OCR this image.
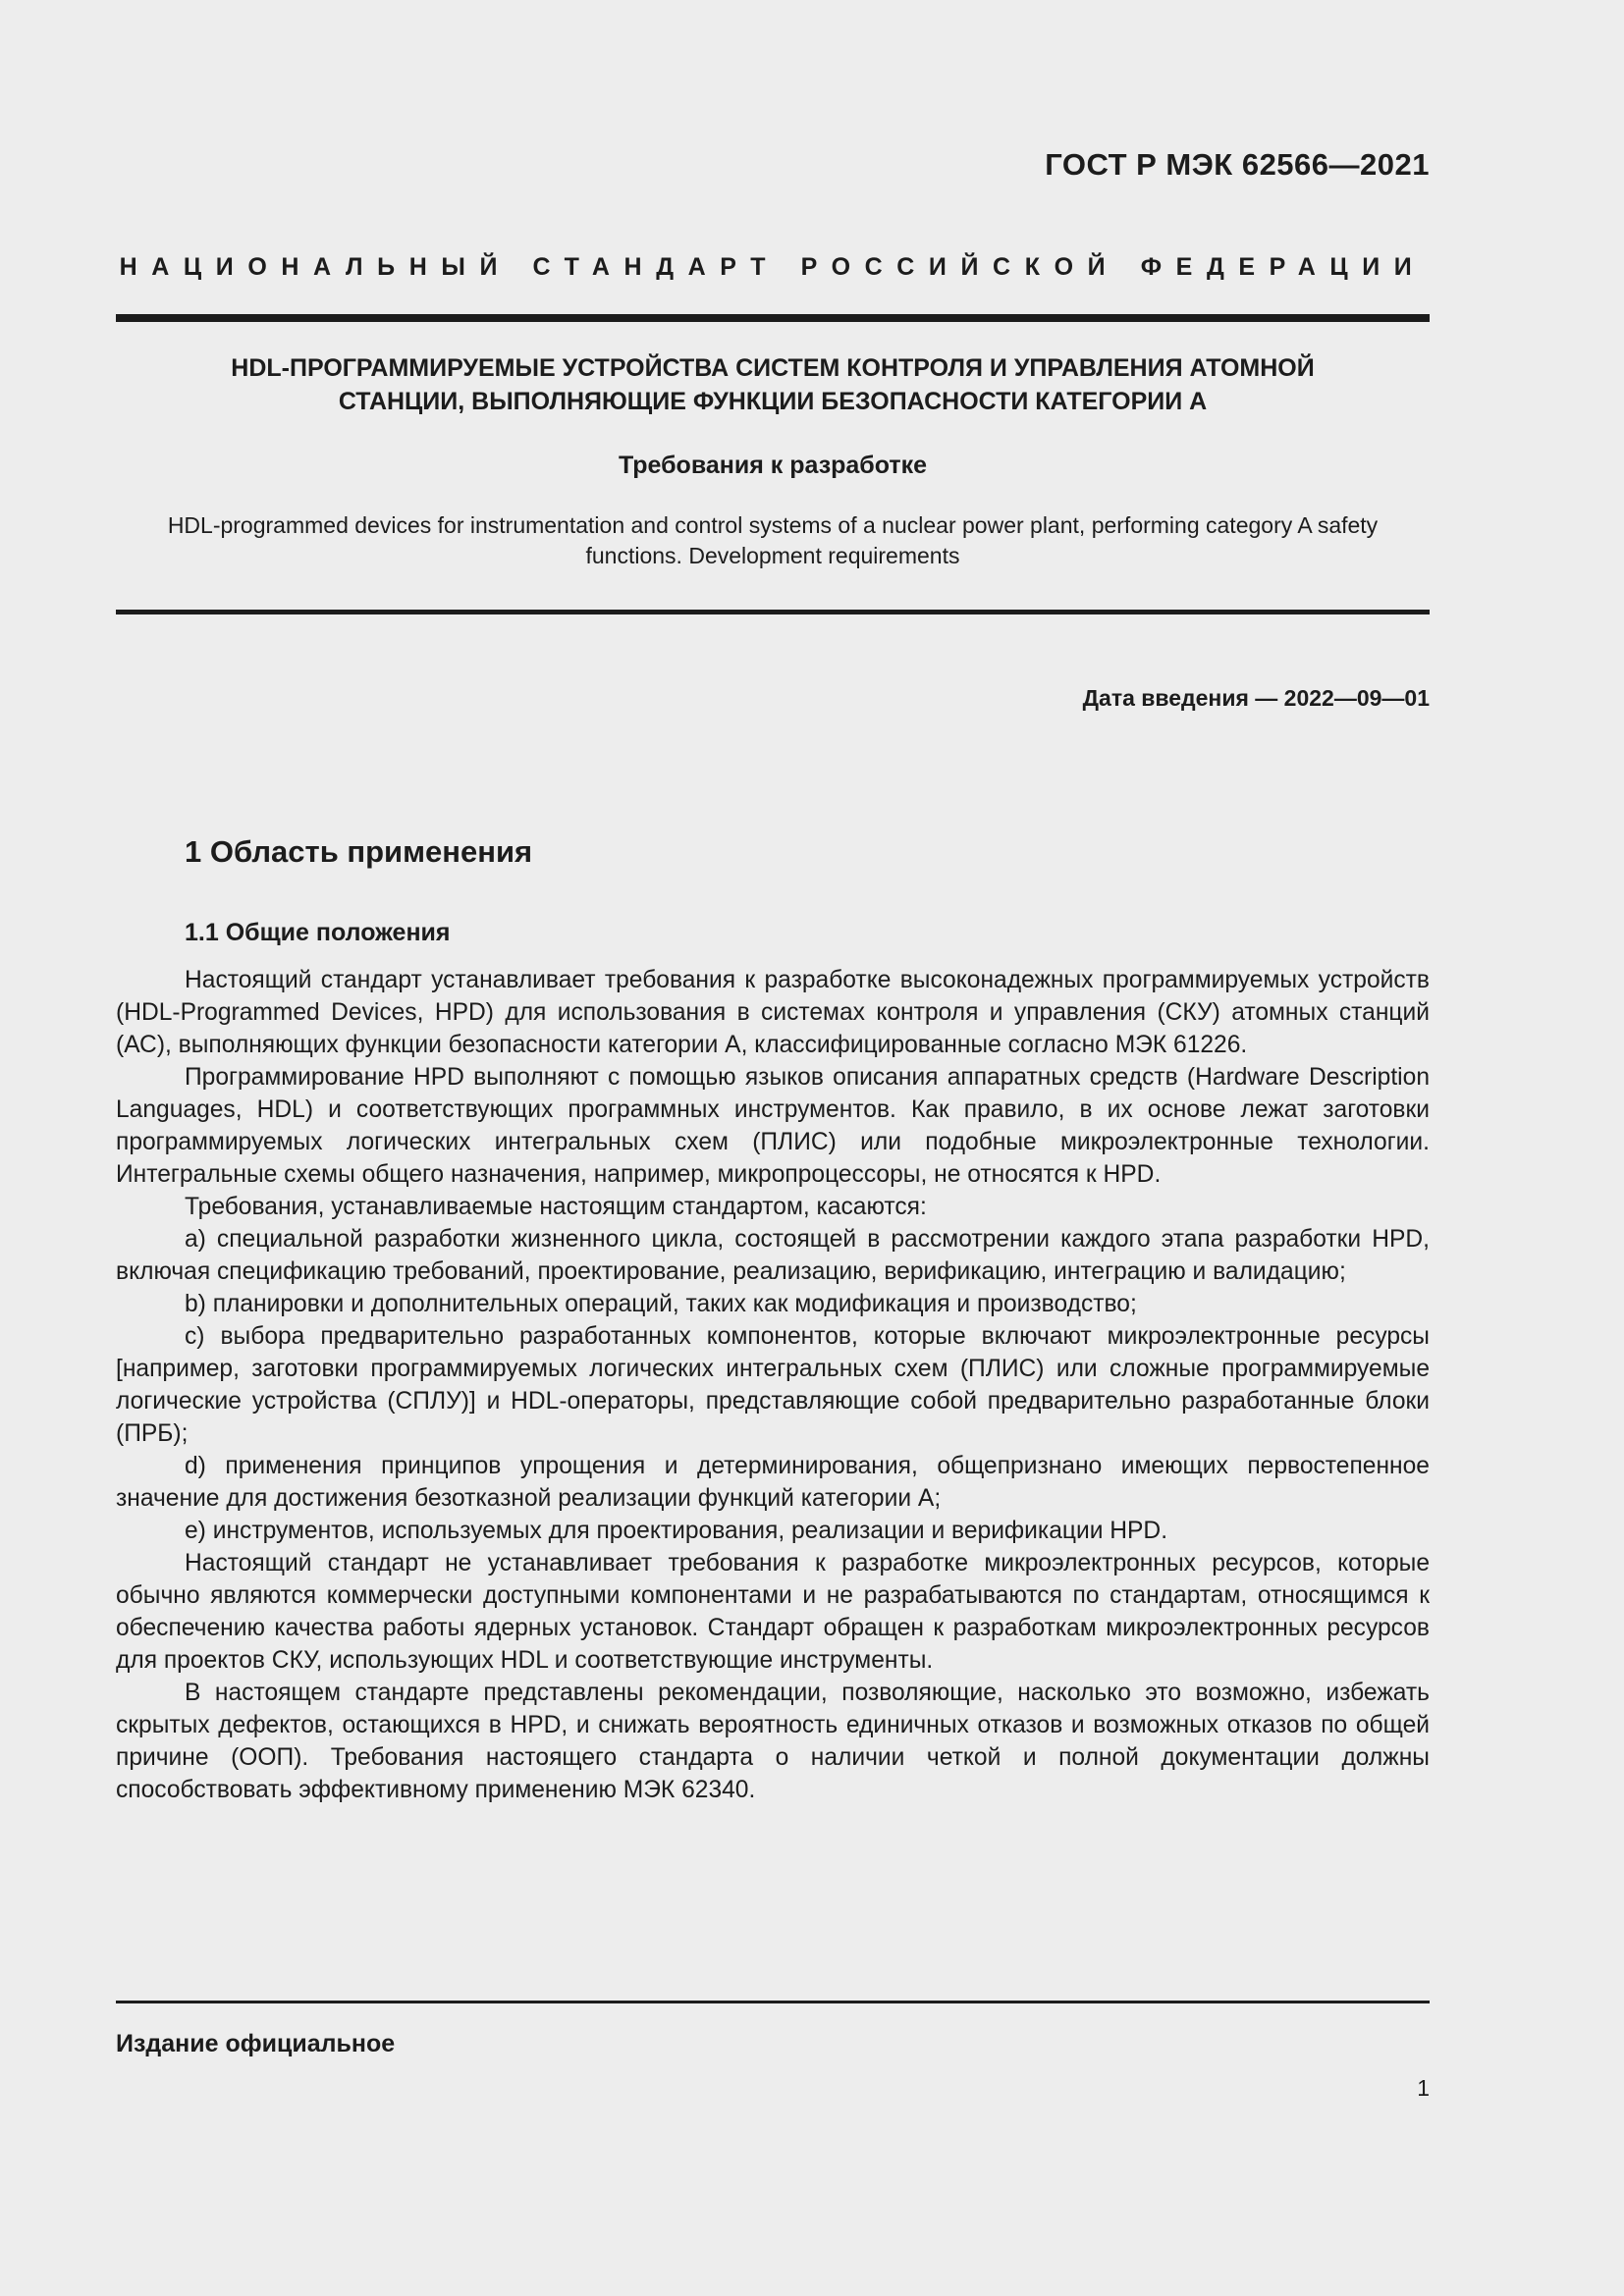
ГОСТ Р МЭК 62566—2021
НАЦИОНАЛЬНЫЙ СТАНДАРТ РОССИЙСКОЙ ФЕДЕРАЦИИ
HDL-ПРОГРАММИРУЕМЫЕ УСТРОЙСТВА СИСТЕМ КОНТРОЛЯ И УПРАВЛЕНИЯ АТОМНОЙ
СТАНЦИИ, ВЫПОЛНЯЮЩИЕ ФУНКЦИИ БЕЗОПАСНОСТИ КАТЕГОРИИ А
Требования к разработке
HDL-programmed devices for instrumentation and control systems of a nuclear power plant, performing category A safety functions. Development requirements
Дата введения — 2022—09—01
1 Область применения
1.1 Общие положения

Настоящий стандарт устанавливает требования к разработке высоконадежных программируемых устройств (HDL-Programmed Devices, HPD) для использования в системах контроля и управления (СКУ) атомных станций (АС), выполняющих функции безопасности категории А, классифицированные согласно МЭК 61226.

Программирование HPD выполняют с помощью языков описания аппаратных средств (Hardware Description Languages, HDL) и соответствующих программных инструментов. Как правило, в их основе лежат заготовки программируемых логических интегральных схем (ПЛИС) или подобные микроэлектронные технологии. Интегральные схемы общего назначения, например, микропроцессоры, не относятся к HPD.

Требования, устанавливаемые настоящим стандартом, касаются:

a) специальной разработки жизненного цикла, состоящей в рассмотрении каждого этапа разработки HPD, включая спецификацию требований, проектирование, реализацию, верификацию, интеграцию и валидацию;

b) планировки и дополнительных операций, таких как модификация и производство;

c) выбора предварительно разработанных компонентов, которые включают микроэлектронные ресурсы [например, заготовки программируемых логических интегральных схем (ПЛИС) или сложные программируемые логические устройства (СПЛУ)] и HDL-операторы, представляющие собой предварительно разработанные блоки (ПРБ);

d) применения принципов упрощения и детерминирования, общепризнано имеющих первостепенное значение для достижения безотказной реализации функций категории А;

e) инструментов, используемых для проектирования, реализации и верификации HPD.

Настоящий стандарт не устанавливает требования к разработке микроэлектронных ресурсов, которые обычно являются коммерчески доступными компонентами и не разрабатываются по стандартам, относящимся к обеспечению качества работы ядерных установок. Стандарт обращен к разработкам микроэлектронных ресурсов для проектов СКУ, использующих HDL и соответствующие инструменты.

В настоящем стандарте представлены рекомендации, позволяющие, насколько это возможно, избежать скрытых дефектов, остающихся в HPD, и снижать вероятность единичных отказов и возможных отказов по общей причине (ООП). Требования настоящего стандарта о наличии четкой и полной документации должны способствовать эффективному применению МЭК 62340.

Издание официальное
1
